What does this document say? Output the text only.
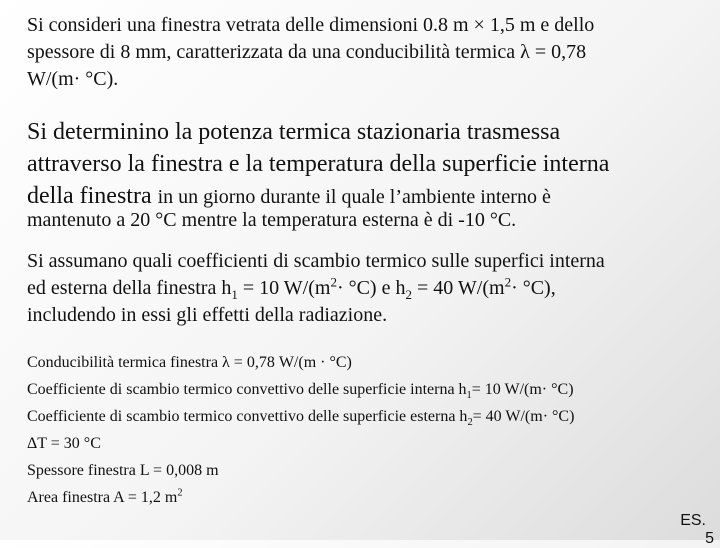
Si consideri una finestra vetrata delle dimensioni 0.8 m × 1,5 m e dello
spessore di 8 mm, caratterizzata da una conducibilità termica λ = 0,78
W/(m· °C).

Si determinino la potenza termica stazionaria trasmessa
attraverso la finestra e la temperatura della superficie interna
della finestra in un giorno durante il quale l’ambiente interno è

mantenuto a 20 °C mentre la temperatura esterna è di -10 °C.

Si assumano quali coefficienti di scambio termico sulle superfici interna
ed esterna della finestra $h_1 = 10$ $W/(m^2\cdot ^\circ C)$ e $h_2 = 40$ $W/(m^2\cdot ^\circ C)$,
includendo in essi gli effetti della radiazione.

Conducibilità termica finestra λ = 0,78 W/(m · °C)
Coefficiente di scambio termico convettivo delle superficie interna $h_1= 10$ W/(m· °C)
Coefficiente di scambio termico convettivo delle superficie esterna $h_2= 40$ W/(m· °C)
ΔT = 30 °C
Spessore finestra L = 0,008 m
Area finestra A = 1,2 $m^2$
ES.
5
